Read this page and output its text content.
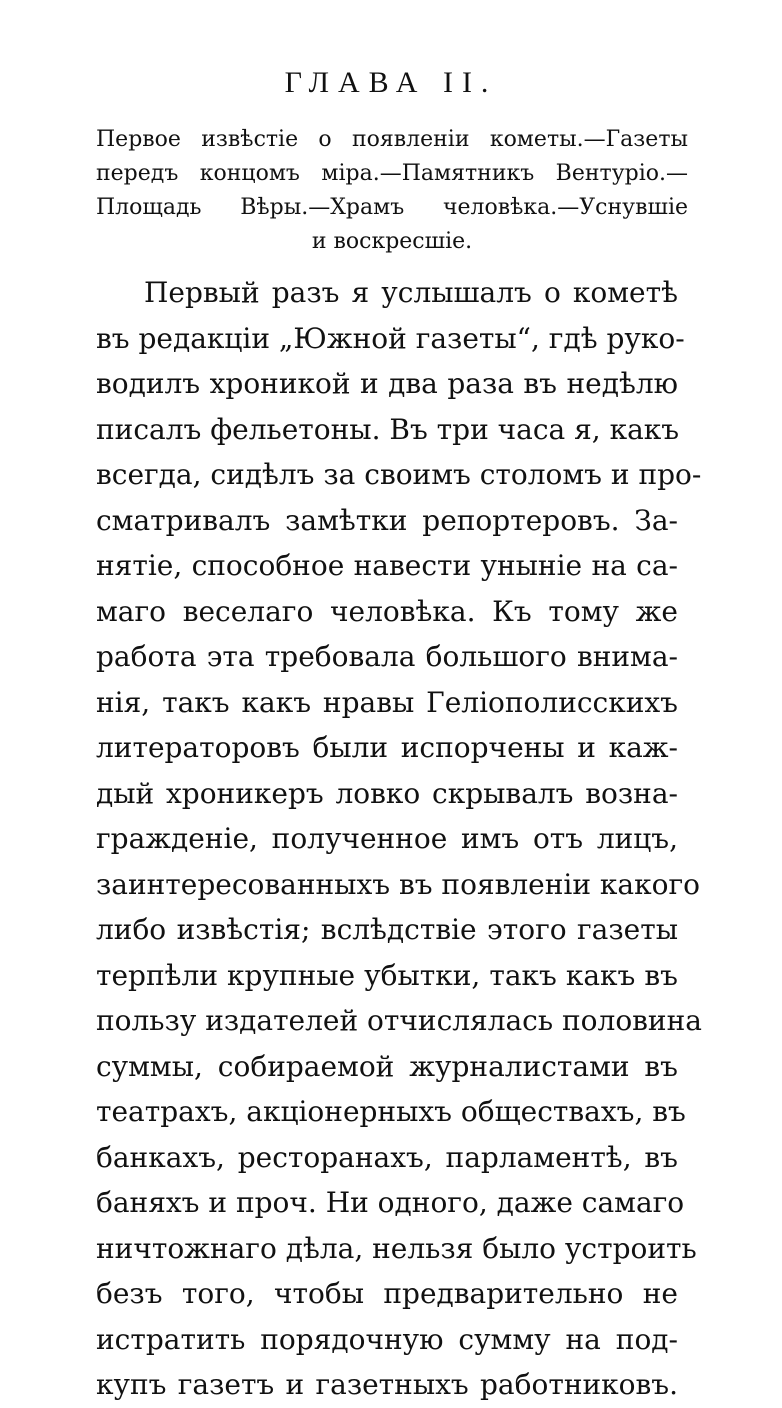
ГЛАВА II.
Первое извѣстіе о появленіи кометы.—Газеты
передъ концомъ міра.—Памятникъ Вентуріо.—
Площадь Вѣры.—Храмъ человѣка.—Уснувшіе
и воскресшіе.
Первый разъ я услышалъ о кометѣ
въ редакціи „Южной газеты“, гдѣ руко-
водилъ хроникой и два раза въ недѣлю
писалъ фельетоны. Въ три часа я, какъ
всегда, сидѣлъ за своимъ столомъ и про-
сматривалъ замѣтки репортеровъ. За-
нятіе, способное навести уныніе на са-
маго веселаго человѣка. Къ тому же
работа эта требовала большого внима-
нія, такъ какъ нравы Геліополисскихъ
литераторовъ были испорчены и каж-
дый хроникеръ ловко скрывалъ возна-
гражденіе, полученное имъ отъ лицъ,
заинтересованныхъ въ появленіи какого
либо извѣстія; вслѣдствіе этого газеты
терпѣли крупные убытки, такъ какъ въ
пользу издателей отчислялась половина
суммы, собираемой журналистами въ
театрахъ, акціонерныхъ обществахъ, въ
банкахъ, ресторанахъ, парламентѣ, въ
баняхъ и проч. Ни одного, даже самаго
ничтожнаго дѣла, нельзя было устроить
безъ того, чтобы предварительно не
истратить порядочную сумму на под-
купъ газетъ и газетныхъ работниковъ.
